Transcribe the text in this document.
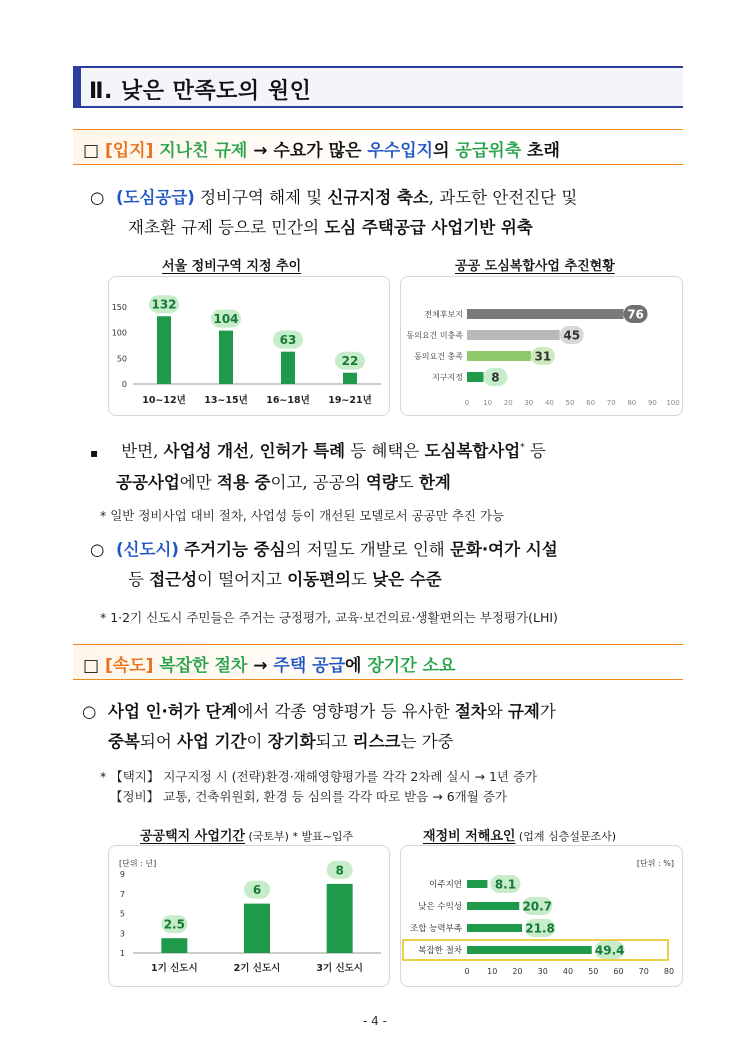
Ⅱ. 낮은 만족도의 원인
□ [입지] 지나친 규제 → 수요가 많은 우수입지의 공급위축 초래
○ (도심공급) 정비구역 해제 및 신규지정 축소, 과도한 안전진단 및
재초환 규제 등으로 민간의 도심 주택공급 사업기반 위축
서울 정비구역 지정 추이
0
50
100
150 132
10~12년
104
13~15년
63
16~18년
22
19~21년
공공 도심복합사업 추진현황
0 10 20 30 40 50 60 70 80 90 100
전체후보지	76
동의요건 미충족	45
동의요건 충족	31
지구지정 8
▪ 반면, 사업성 개선, 인허가 특례 등 혜택은 도심복합사업* 등
공공사업에만 적용 중이고, 공공의 역량도 한계
* 일반 정비사업 대비 절차, 사업성 등이 개선된 모델로서 공공만 추진 가능
○ (신도시) 주거기능 중심의 저밀도 개발로 인해 문화·여가 시설
등 접근성이 떨어지고 이동편의도 낮은 수준
* 1·2기 신도시 주민들은 주거는 긍정평가, 교육·보건의료·생활편의는 부정평가(LHI)
□ [속도] 복잡한 절차 → 주택 공급에 장기간 소요
○ 사업 인·허가 단계에서 각종 영향평가 등 유사한 절차와 규제가
중복되어 사업 기간이 장기화되고 리스크는 가중
* 【택지】 지구지정 시 (전략)환경·재해영향평가를 각각 2차례 실시 → 1년 증가
【정비】 교통, 건축위원회, 환경 등 심의를 각각 따로 받음 → 6개월 증가
공공택지 사업기간 (국토부) * 발표~입주
[단위 : 년]
1
3
5
7
9
2.5
1기 신도시
6
2기 신도시
8
3기 신도시
재정비 저해요인 (업계 심층설문조사)
[단위 : %]
0 10 20 30 40 50 60 70 80
이주지연	8.1
낮은 수익성	20.7
조합 능력부족	21.8
복잡한 절차	49.4
- 4 -
